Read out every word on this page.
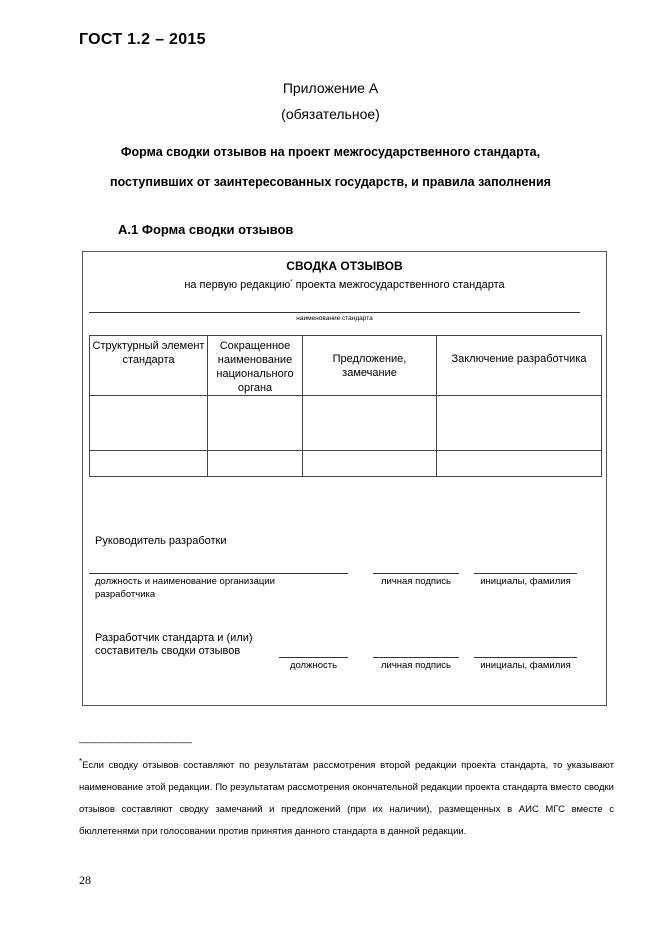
ГОСТ 1.2 – 2015
Приложение А
(обязательное)
Форма сводки отзывов на проект межгосударственного стандарта,
поступивших от заинтересованных государств, и правила заполнения
А.1 Форма сводки отзывов
СВОДКА ОТЗЫВОВ
на первую редакцию* проекта межгосударственного стандарта
наименование стандарта
Структурный элемент стандарта	Сокращенное наименование национального органа	Предложение, замечание	Заключение разработчика

Руководитель разработки
должность и наименование организации разработчика
личная подпись	инициалы, фамилия
Разработчик стандарта и (или) составитель сводки отзывов
должность	личная подпись	инициалы, фамилия
——————————————
*Если сводку отзывов составляют по результатам рассмотрения второй редакции проекта стандарта, то указывают наименование этой редакции. По результатам рассмотрения окончательной редакции проекта стандарта вместо сводки отзывов составляют сводку замечаний и предложений (при их наличии), размещенных в АИС МГС вместе с бюллетенями при голосовании против принятия данного стандарта в данной редакции.
28
